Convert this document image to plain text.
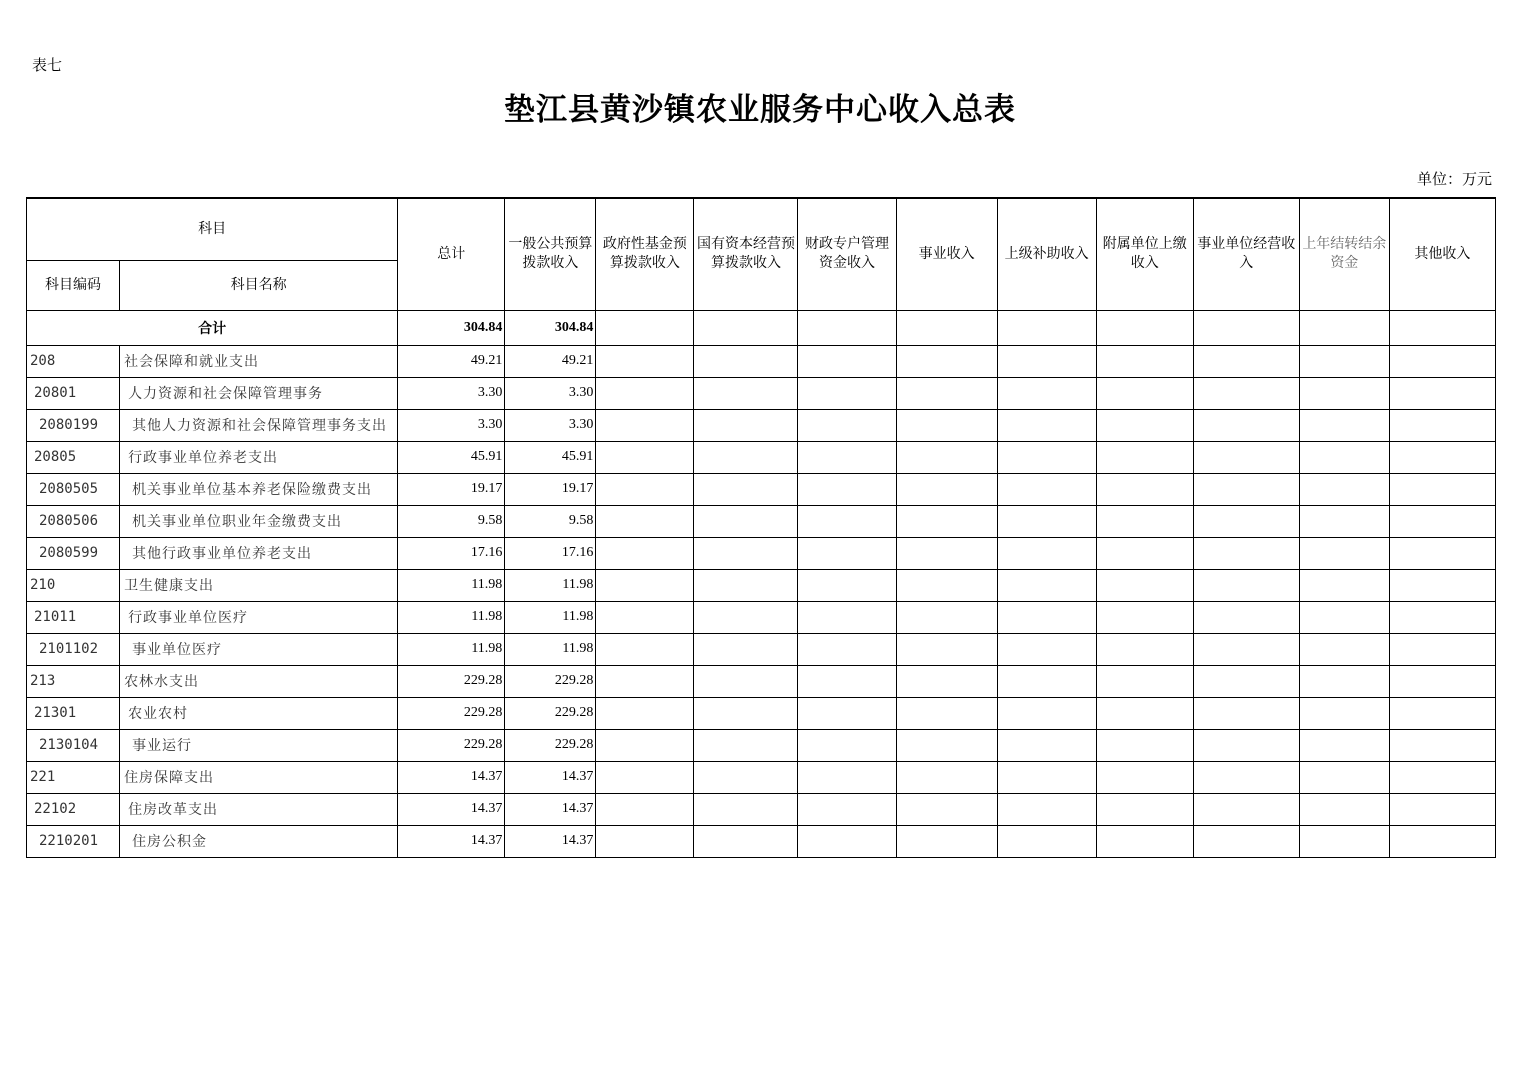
表七
垫江县黄沙镇农业服务中心收入总表
单位：万元
科目		总计	一般公共预算拨款收入	政府性基金预算拨款收入	国有资本经营预算拨款收入	财政专户管理资金收入	事业收入	上级补助收入	附属单位上缴收入	事业单位经营收入	上年结转结余资金	其他收入
科目编码	科目名称											
合计		304.84	304.84									
208	社会保障和就业支出	49.21	49.21									
20801	人力资源和社会保障管理事务	3.30	3.30									
2080199	其他人力资源和社会保障管理事务支出	3.30	3.30									
20805	行政事业单位养老支出	45.91	45.91									
2080505	机关事业单位基本养老保险缴费支出	19.17	19.17									
2080506	机关事业单位职业年金缴费支出	9.58	9.58									
2080599	其他行政事业单位养老支出	17.16	17.16									
210	卫生健康支出	11.98	11.98									
21011	行政事业单位医疗	11.98	11.98									
2101102	事业单位医疗	11.98	11.98									
213	农林水支出	229.28	229.28									
21301	农业农村	229.28	229.28									
2130104	事业运行	229.28	229.28									
221	住房保障支出	14.37	14.37									
22102	住房改革支出	14.37	14.37									
2210201	住房公积金	14.37	14.37									
